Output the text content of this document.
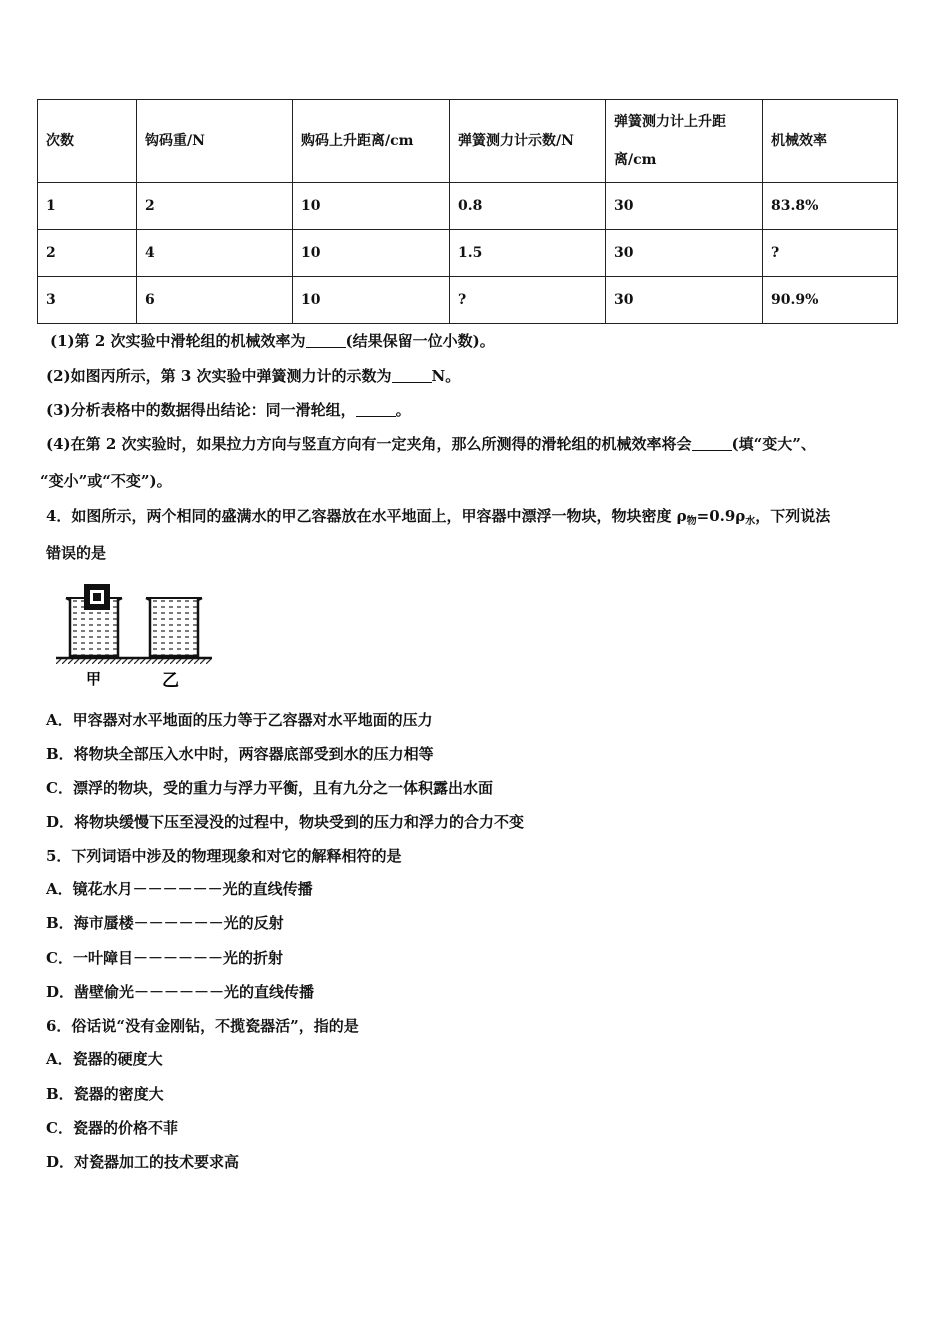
次数	钩码重/N	购码上升距离/cm	弹簧测力计示数/N	弹簧测力计上升距离/cm	机械效率
1	2	10	0.8	30	83.8%
2	4	10	1.5	30	?
3	6	10	?	30	90.9%
(1)第 2 次实验中滑轮组的机械效率为	(结果保留一位小数)。
(2)如图丙所示，第 3 次实验中弹簧测力计的示数为	N。
(3)分析表格中的数据得出结论：同一滑轮组，	。
(4)在第 2 次实验时，如果拉力方向与竖直方向有一定夹角，那么所测得的滑轮组的机械效率将会	(填“变大”、
“变小”或“不变”)。
4．如图所示，两个相同的盛满水的甲乙容器放在水平地面上，甲容器中漂浮一物块，物块密度 $\rho_物=0.9\rho_水$，下列说法
错误的是
甲	乙
A．甲容器对水平地面的压力等于乙容器对水平地面的压力
B．将物块全部压入水中时，两容器底部受到水的压力相等
C．漂浮的物块，受的重力与浮力平衡，且有九分之一体积露出水面
D．将物块缓慢下压至浸没的过程中，物块受到的压力和浮力的合力不变
5．下列词语中涉及的物理现象和对它的解释相符的是
A．镜花水月－－－－－－光的直线传播
B．海市蜃楼－－－－－－光的反射
C．一叶障目－－－－－－光的折射
D．凿壁偷光－－－－－－光的直线传播
6．俗话说“没有金刚钻，不揽瓷器活”，指的是
A．瓷器的硬度大
B．瓷器的密度大
C．瓷器的价格不菲
D．对瓷器加工的技术要求高
